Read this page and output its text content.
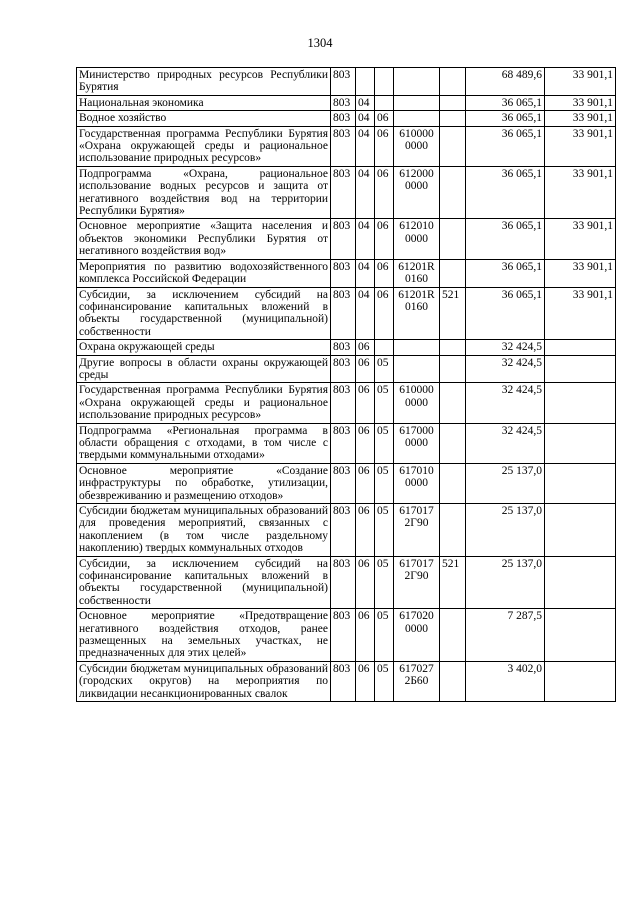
1304
Министерство природных ресурсов Республики Бурятия	803					68 489,6	33 901,1
Национальная экономика	803	04				36 065,1	33 901,1
Водное хозяйство	803	04	06			36 065,1	33 901,1
Государственная программа Республики Бурятия «Охрана окружающей среды и рациональное использование природных ресурсов»	803	04	06	610000 0000		36 065,1	33 901,1
Подпрограмма «Охрана, рациональное использование водных ресурсов и защита от негативного воздействия вод на территории Республики Бурятия»	803	04	06	612000 0000		36 065,1	33 901,1
Основное мероприятие «Защита населения и объектов экономики Республики Бурятия от негативного воздействия вод»	803	04	06	612010 0000		36 065,1	33 901,1
Мероприятия по развитию водохозяйственного комплекса Российской Федерации	803	04	06	61201R 0160		36 065,1	33 901,1
Субсидии, за исключением субсидий на софинансирование капитальных вложений в объекты государственной (муниципальной) собственности	803	04	06	61201R 0160	521	36 065,1	33 901,1
Охрана окружающей среды	803	06				32 424,5	
Другие вопросы в области охраны окружающей среды	803	06	05			32 424,5	
Государственная программа Республики Бурятия «Охрана окружающей среды и рациональное использование природных ресурсов»	803	06	05	610000 0000		32 424,5	
Подпрограмма «Региональная программа в области обращения с отходами, в том числе с твердыми коммунальными отходами»	803	06	05	617000 0000		32 424,5	
Основное мероприятие «Создание инфраструктуры по обработке, утилизации, обезвреживанию и размещению отходов»	803	06	05	617010 0000		25 137,0	
Субсидии бюджетам муниципальных образований для проведения мероприятий, связанных с накоплением (в том числе раздельному накоплению) твердых коммунальных отходов	803	06	05	617017 2Г90		25 137,0	
Субсидии, за исключением субсидий на софинансирование капитальных вложений в объекты государственной (муниципальной) собственности	803	06	05	617017 2Г90	521	25 137,0	
Основное мероприятие «Предотвращение негативного воздействия отходов, ранее размещенных на земельных участках, не предназначенных для этих целей»	803	06	05	617020 0000		7 287,5	
Субсидии бюджетам муниципальных образований (городских округов) на мероприятия по ликвидации несанкционированных свалок	803	06	05	617027 2Б60		3 402,0	
